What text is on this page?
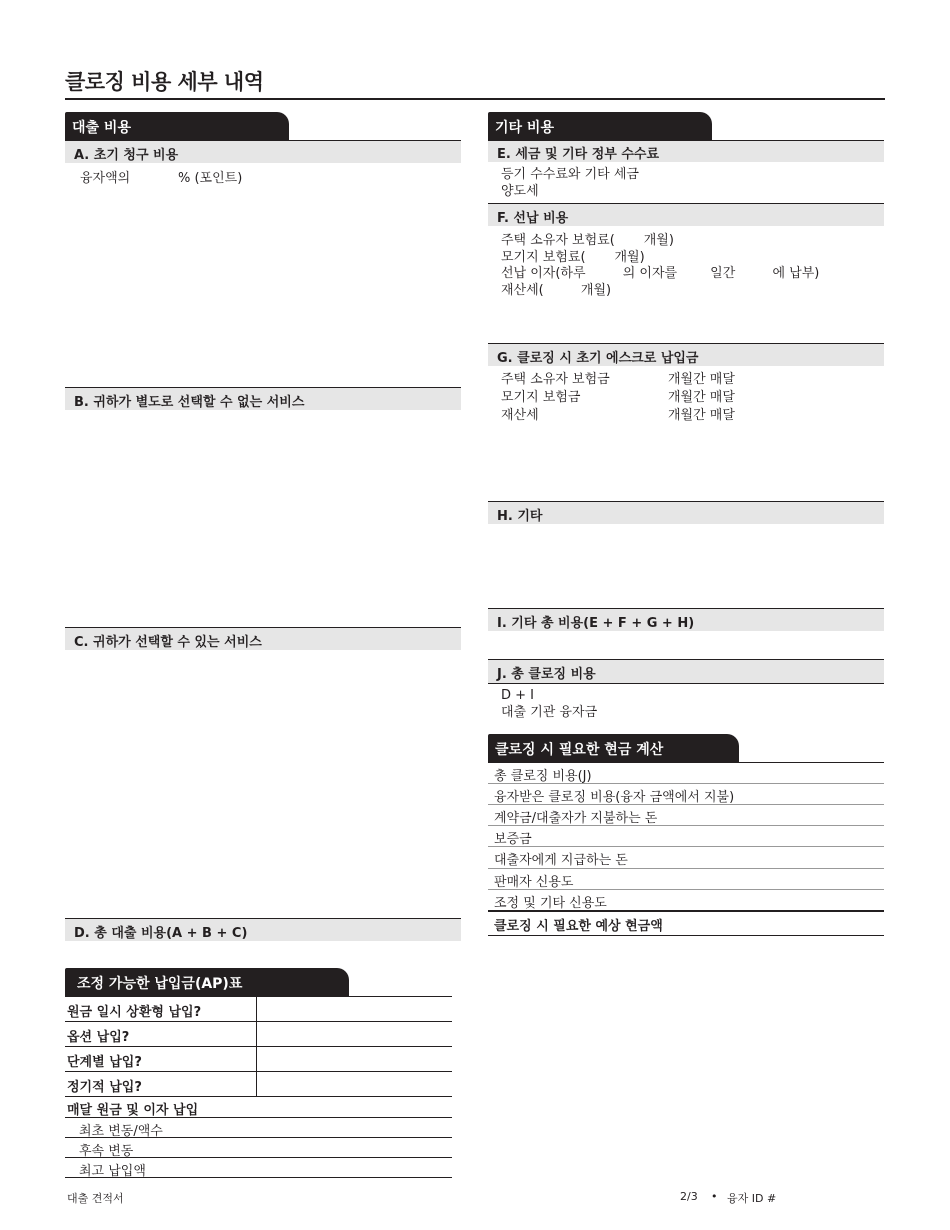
클로징 비용 세부 내역
대출 비용
A. 초기 청구 비용
융자액의	% (포인트)
B. 귀하가 별도로 선택할 수 없는 서비스
C. 귀하가 선택할 수 있는 서비스
D. 총 대출 비용(A + B + C)
조정 가능한 납입금(AP)표
원금 일시 상환형 납입?
옵션 납입?
단계별 납입?
정기적 납입?
매달 원금 및 이자 납입
최초 변동/액수
후속 변동
최고 납입액
기타 비용
E. 세금 및 기타 정부 수수료
등기 수수료와 기타 세금
양도세
F. 선납 비용
주택 소유자 보험료(       개월)
모기지 보험료(       개월)
선납 이자(하루         의 이자를        일간         에 납부)
재산세(         개월)
G. 클로징 시 초기 에스크로 납입금
주택 소유자 보험금	개월간 매달
모기지 보험금	개월간 매달
재산세	개월간 매달
H. 기타
I. 기타 총 비용(E + F + G + H)
J. 총 클로징 비용
D + I
대출 기관 융자금
클로징 시 필요한 현금 계산
총 클로징 비용(J)
융자받은 클로징 비용(융자 금액에서 지불)
계약금/대출자가 지불하는 돈
보증금
대출자에게 지급하는 돈
판매자 신용도
조정 및 기타 신용도
클로징 시 필요한 예상 현금액
대출 견적서	2/3 • 융자 ID #
